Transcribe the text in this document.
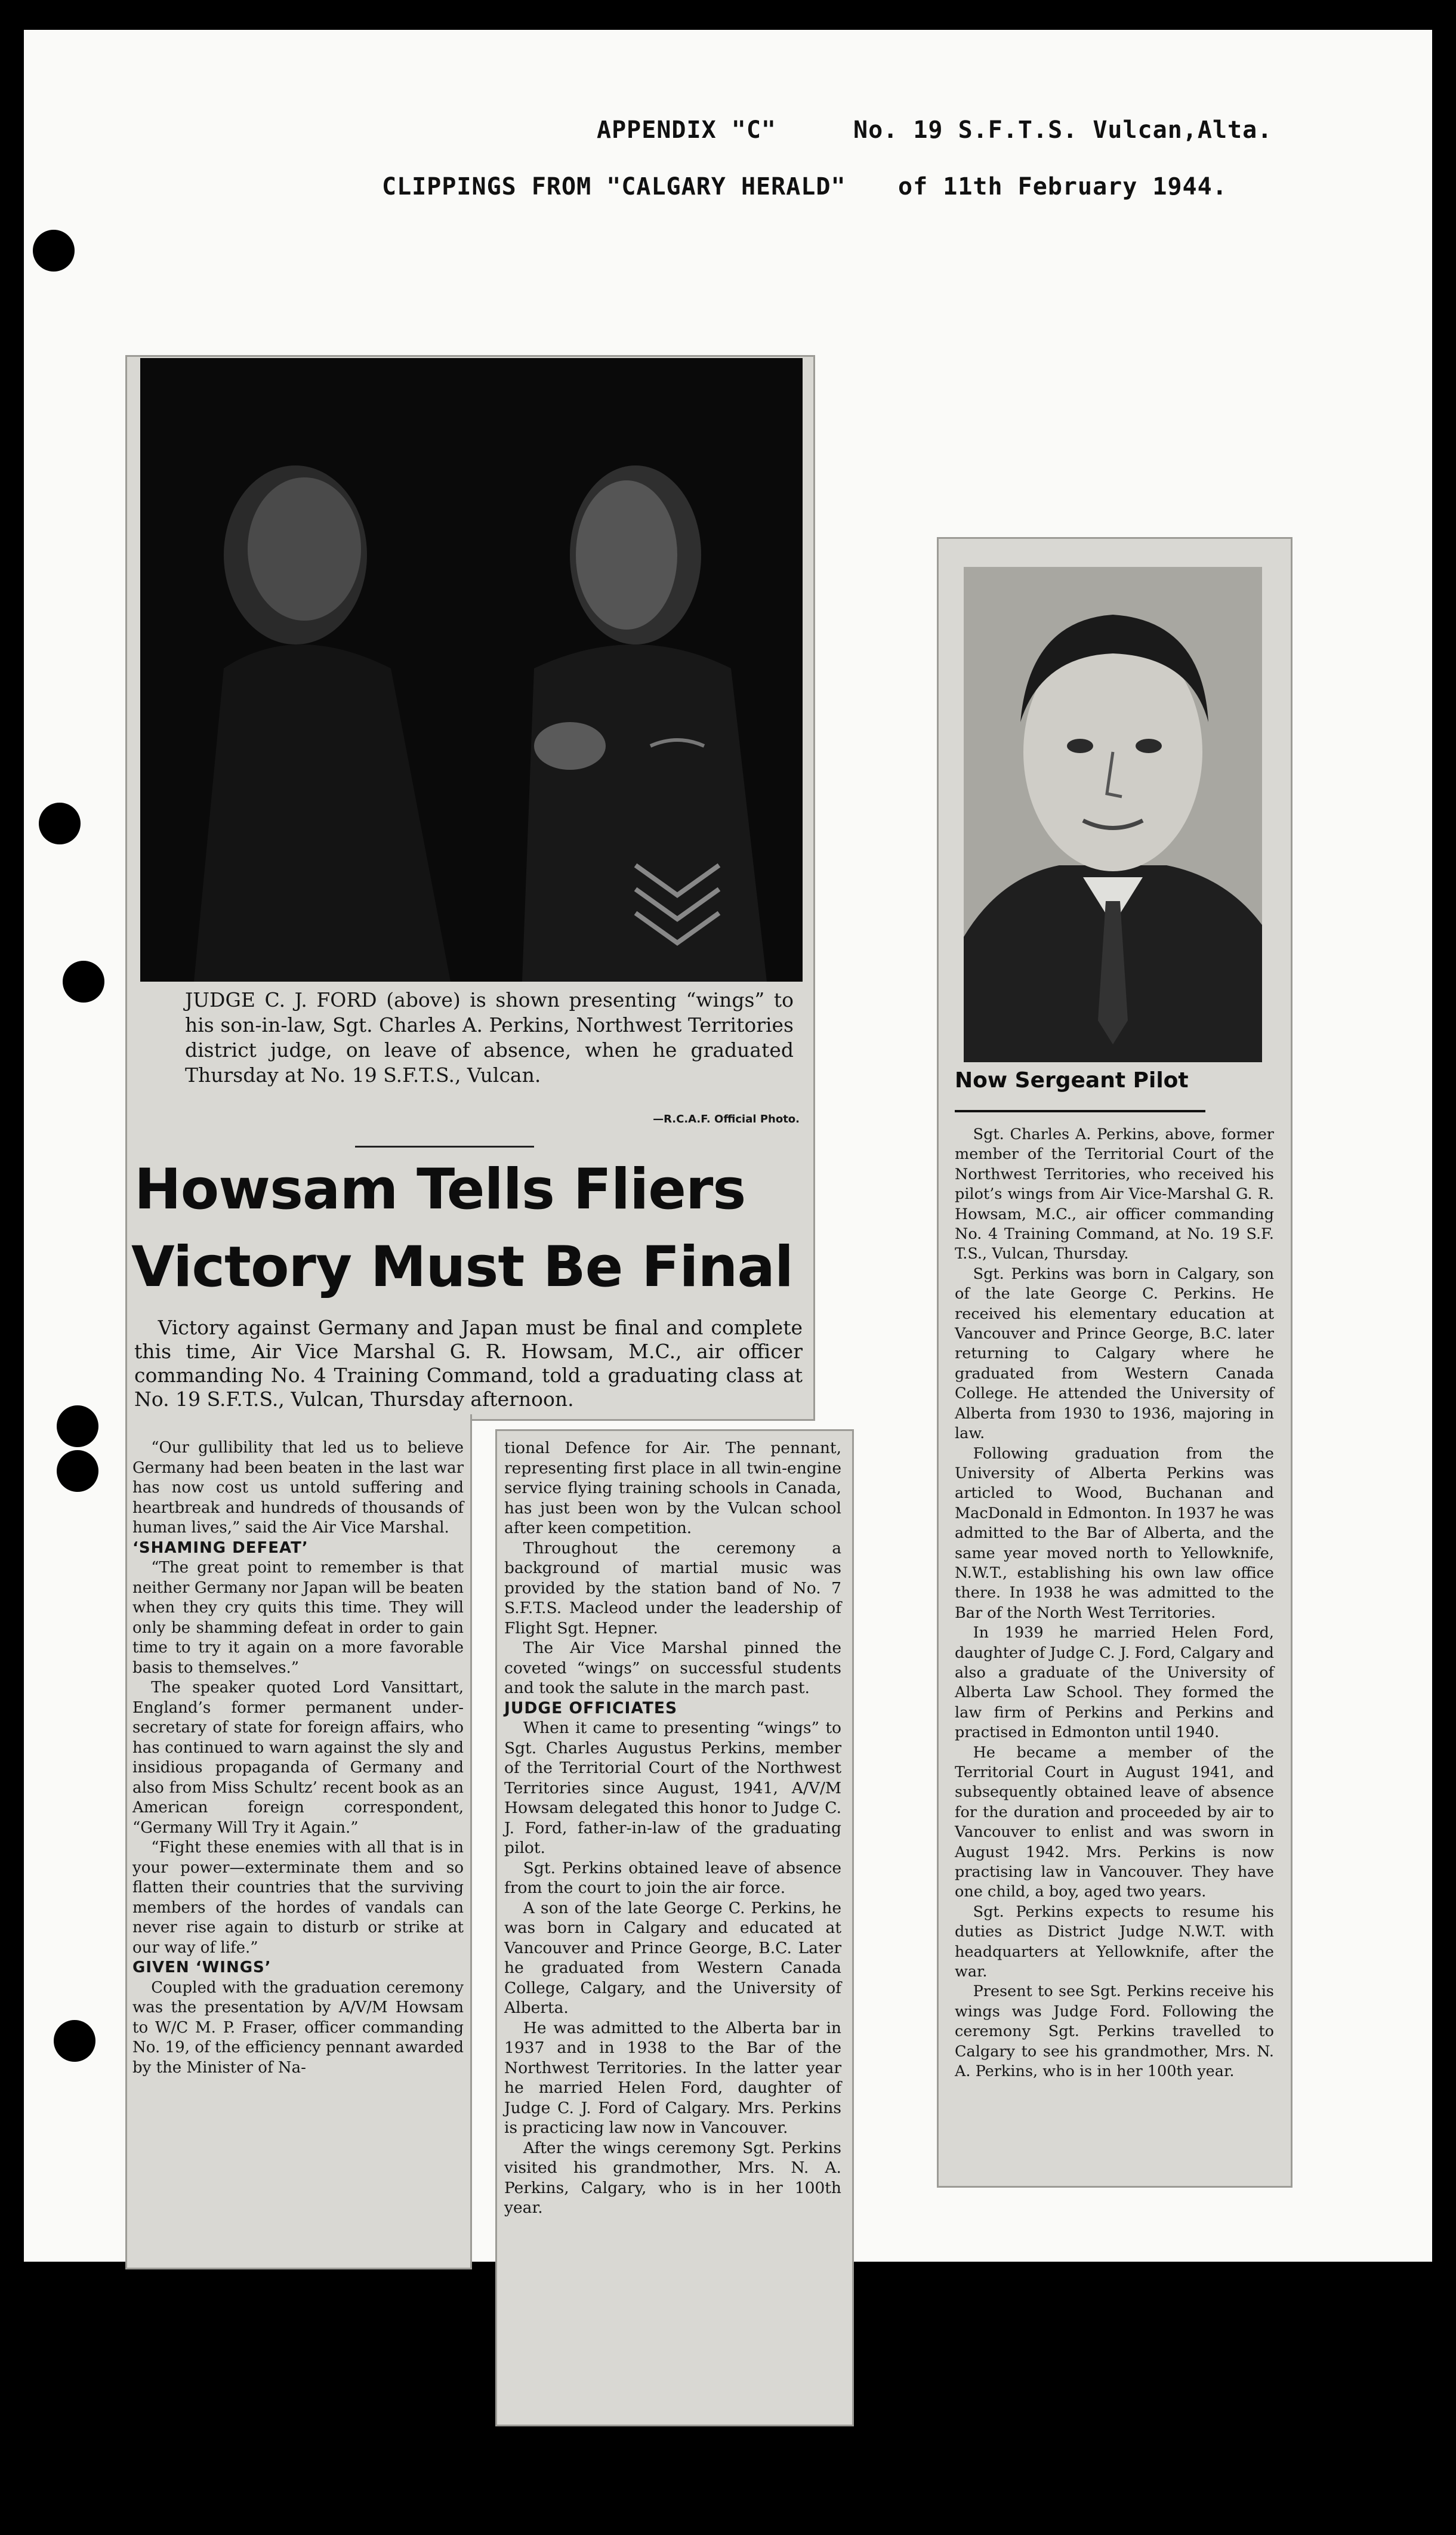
APPENDIX "C"	No. 19 S.F.T.S. Vulcan,Alta.
CLIPPINGS FROM "CALGARY HERALD" of 11th February 1944.
JUDGE C. J. FORD (above) is shown presenting “wings” to his son-in-law, Sgt. Charles A. Perkins, Northwest Territories district judge, on leave of absence, when he graduated Thursday at No. 19 S.F.T.S., Vulcan.
—R.C.A.F. Official Photo.
Howsam Tells Fliers
Victory Must Be Final

Victory against Germany and Japan must be final and complete this time, Air Vice Marshal G. R. Howsam, M.C., air officer commanding No. 4 Training Command, told a graduating class at No. 19 S.F.T.S., Vulcan, Thursday afternoon.

“Our gullibility that led us to believe Germany had been beaten in the last war has now cost us untold suffering and heartbreak and hundreds of thousands of human lives,” said the Air Vice Marshal.

‘SHAMING DEFEAT’

“The great point to remember is that neither Germany nor Japan will be beaten when they cry quits this time. They will only be shamming defeat in order to gain time to try it again on a more favorable basis to themselves.”

The speaker quoted Lord Vansittart, England’s former permanent under-secretary of state for foreign affairs, who has continued to warn against the sly and insidious propaganda of Germany and also from Miss Schultz’ recent book as an American foreign correspondent, “Germany Will Try it Again.”

“Fight these enemies with all that is in your power—exterminate them and so flatten their countries that the surviving members of the hordes of vandals can never rise again to disturb or strike at our way of life.”

GIVEN ‘WINGS’

Coupled with the graduation ceremony was the presentation by A/V/M Howsam to W/C M. P. Fraser, officer commanding No. 19, of the efficiency pennant awarded by the Minister of Na-

tional Defence for Air. The pennant, representing first place in all twin-engine service flying training schools in Canada, has just been won by the Vulcan school after keen competition.

Throughout the ceremony a background of martial music was provided by the station band of No. 7 S.F.T.S. Macleod under the leadership of Flight Sgt. Hepner.

The Air Vice Marshal pinned the coveted “wings” on successful students and took the salute in the march past.

JUDGE OFFICIATES

When it came to presenting “wings” to Sgt. Charles Augustus Perkins, member of the Territorial Court of the Northwest Territories since August, 1941, A/V/M Howsam delegated this honor to Judge C. J. Ford, father-in-law of the graduating pilot.

Sgt. Perkins obtained leave of absence from the court to join the air force.

A son of the late George C. Perkins, he was born in Calgary and educated at Vancouver and Prince George, B.C. Later he graduated from Western Canada College, Calgary, and the University of Alberta.

He was admitted to the Alberta bar in 1937 and in 1938 to the Bar of the Northwest Territories. In the latter year he married Helen Ford, daughter of Judge C. J. Ford of Calgary. Mrs. Perkins is practicing law now in Vancouver.

After the wings ceremony Sgt. Perkins visited his grandmother, Mrs. N. A. Perkins, Calgary, who is in her 100th year.

Now Sergeant Pilot

Sgt. Charles A. Perkins, above, former member of the Territorial Court of the Northwest Territories, who received his pilot’s wings from Air Vice-Marshal G. R. Howsam, M.C., air officer commanding No. 4 Training Command, at No. 19 S.F. T.S., Vulcan, Thursday.

Sgt. Perkins was born in Calgary, son of the late George C. Perkins. He received his elementary education at Vancouver and Prince George, B.C. later returning to Calgary where he graduated from Western Canada College. He attended the University of Alberta from 1930 to 1936, majoring in law.

Following graduation from the University of Alberta Perkins was articled to Wood, Buchanan and MacDonald in Edmonton. In 1937 he was admitted to the Bar of Alberta, and the same year moved north to Yellowknife, N.W.T., establishing his own law office there. In 1938 he was admitted to the Bar of the North West Territories.

In 1939 he married Helen Ford, daughter of Judge C. J. Ford, Calgary and also a graduate of the University of Alberta Law School. They formed the law firm of Perkins and Perkins and practised in Edmonton until 1940.

He became a member of the Territorial Court in August 1941, and subsequently obtained leave of absence for the duration and proceeded by air to Vancouver to enlist and was sworn in August 1942. Mrs. Perkins is now practising law in Vancouver. They have one child, a boy, aged two years.

Sgt. Perkins expects to resume his duties as District Judge N.W.T. with headquarters at Yellowknife, after the war.

Present to see Sgt. Perkins receive his wings was Judge Ford. Following the ceremony Sgt. Perkins travelled to Calgary to see his grandmother, Mrs. N. A. Perkins, who is in her 100th year.
